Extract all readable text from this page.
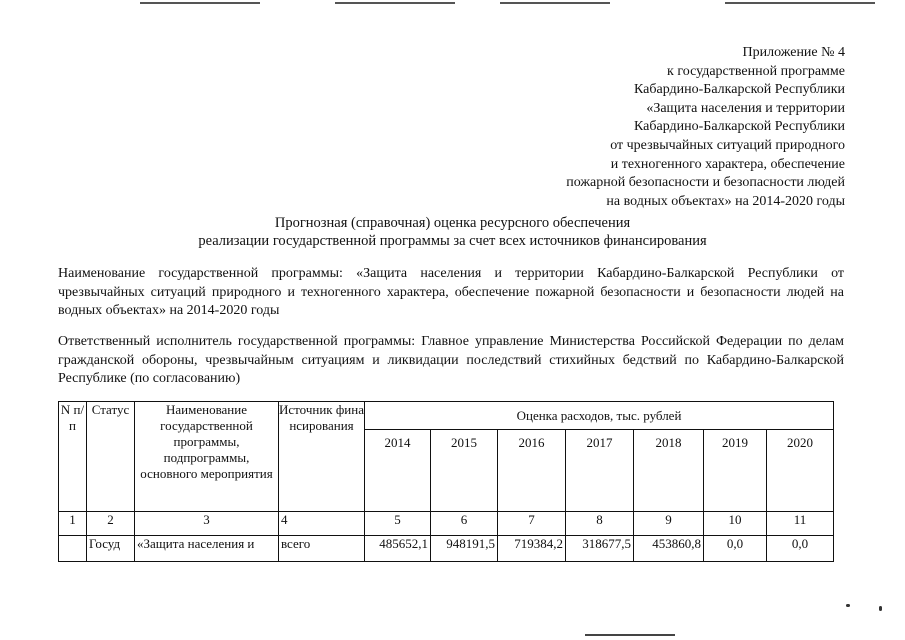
Приложение № 4
к государственной программе
Кабардино-Балкарской Республики
«Защита населения и территории
Кабардино-Балкарской Республики
от чрезвычайных ситуаций природного
и техногенного характера, обеспечение
пожарной безопасности и безопасности людей
на водных объектах» на 2014-2020 годы
Прогнозная (справочная) оценка ресурсного обеспечения
реализации государственной программы за счет всех источников финансирования
Наименование государственной программы: «Защита населения и территории Кабардино-Балкарской Республики от чрезвычайных ситуаций природного и техногенного характера, обеспечение пожарной безопасности и безопасности людей на водных объектах» на 2014-2020 годы
Ответственный исполнитель государственной программы: Главное управление Министерства Российской Федерации по делам гражданской обороны, чрезвычайным ситуациям и ликвидации последствий стихийных бедствий по Кабардино-Балкарской Республике (по согласованию)
N п/п	Статус	Наименование государственной программы, подпрограммы, основного мероприятия	Источник финансирования	Оценка расходов, тыс. рублей						
				2014	2015	2016	2017	2018	2019	2020
1	2	3	4	5	6	7	8	9	10	11
	Госуд	«Защита населения и	всего	485652,1	948191,5	719384,2	318677,5	453860,8	0,0	0,0
